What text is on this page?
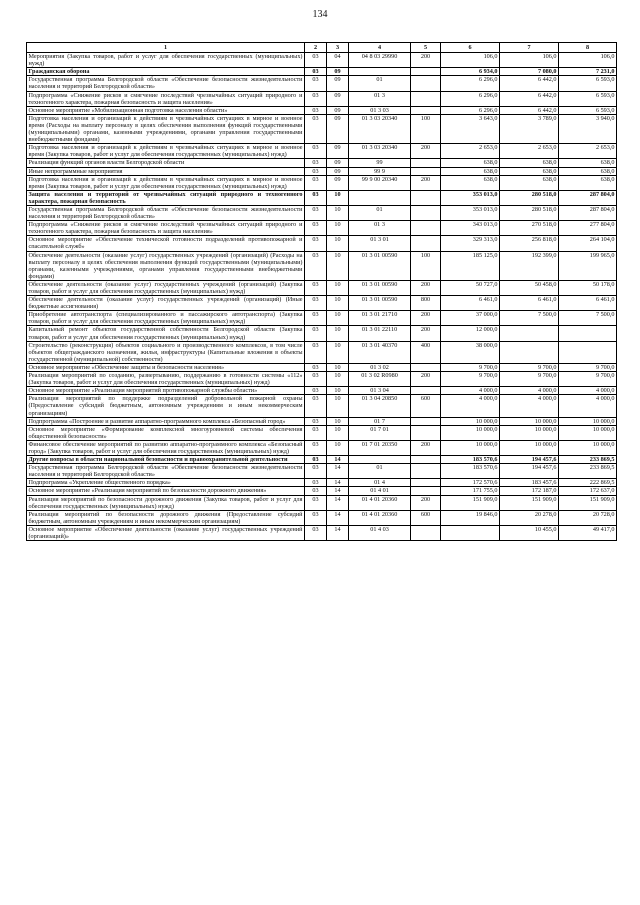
134
1	2	3	4	5	6	7	8
Мероприятия (Закупка товаров, работ и услуг для обеспечения государственных (муниципальных) нужд)	03	04	04 8 03 29990	200	106,0	106,0	106,0
Гражданская оборона	03	09			6 934,0	7 080,0	7 231,0
Государственная программа Белгородской области «Обеспечение безопасности жизнедеятельности населения и территорий Белгородской области»	03	09	01		6 296,0	6 442,0	6 593,0
Подпрограмма «Снижение рисков и смягчение последствий чрезвычайных ситуаций природного и техногенного характера, пожарная безопасность и защита населения»	03	09	01 3		6 296,0	6 442,0	6 593,0
Основное мероприятие «Мобилизационная подготовка населения области»	03	09	01 3 03		6 296,0	6 442,0	6 593,0
Подготовка населения и организаций к действиям в чрезвычайных ситуациях в мирное и военное время (Расходы на выплату персоналу в целях обеспечения выполнения функций государственными (муниципальными) органами, казенными учреждениями, органами управления государственными внебюджетными фондами)	03	09	01 3 03 20340	100	3 643,0	3 789,0	3 940,0
Подготовка населения и организаций к действиям в чрезвычайных ситуациях в мирное и военное время (Закупка товаров, работ и услуг для обеспечения государственных (муниципальных) нужд)	03	09	01 3 03 20340	200	2 653,0	2 653,0	2 653,0
Реализация функций органов власти Белгородской области	03	09	99		638,0	638,0	638,0
Иные непрограммные мероприятия	03	09	99 9		638,0	638,0	638,0
Подготовка населения и организаций к действиям в чрезвычайных ситуациях в мирное и военное время (Закупка товаров, работ и услуг для обеспечения государственных (муниципальных) нужд)	03	09	99 9 00 20340	200	638,0	638,0	638,0
Защита населения и территорий от чрезвычайных ситуаций природного и техногенного характера, пожарная безопасность	03	10			353 013,0	280 518,0	287 804,0
Государственная программа Белгородской области «Обеспечение безопасности жизнедеятельности населения и территорий Белгородской области»	03	10	01		353 013,0	280 518,0	287 804,0
Подпрограмма «Снижение рисков и смягчение последствий чрезвычайных ситуаций природного и техногенного характера, пожарная безопасность и защита населения»	03	10	01 3		343 013,0	270 518,0	277 804,0
Основное мероприятие «Обеспечение технической готовности подразделений противопожарной и спасательной служб»	03	10	01 3 01		329 313,0	256 818,0	264 104,0
Обеспечение деятельности (оказание услуг) государственных учреждений (организаций) (Расходы на выплату персоналу в целях обеспечения выполнения функций государственными (муниципальными) органами, казенными учреждениями, органами управления государственными внебюджетными фондами)	03	10	01 3 01 00590	100	185 125,0	192 399,0	199 965,0
Обеспечение деятельности (оказание услуг) государственных учреждений (организаций) (Закупка товаров, работ и услуг для обеспечения государственных (муниципальных) нужд)	03	10	01 3 01 00590	200	50 727,0	50 458,0	50 178,0
Обеспечение деятельности (оказание услуг) государственных учреждений (организаций) (Иные бюджетные ассигнования)	03	10	01 3 01 00590	800	6 461,0	6 461,0	6 461,0
Приобретение автотранспорта (специализированного и пассажирского автотранспорта) (Закупка товаров, работ и услуг для обеспечения государственных (муниципальных) нужд)	03	10	01 3 01 21710	200	37 000,0	7 500,0	7 500,0
Капитальный ремонт объектов государственной собственности Белгородской области (Закупка товаров, работ и услуг для обеспечения государственных (муниципальных) нужд)	03	10	01 3 01 22110	200	12 000,0		
Строительство (реконструкция) объектов социального и производственного комплексов, в том числе объектов общегражданского назначения, жилья, инфраструктуры (Капитальные вложения в объекты государственной (муниципальной) собственности)	03	10	01 3 01 40370	400	38 000,0		
Основное мероприятие «Обеспечение защиты и безопасности населения»	03	10	01 3 02		9 700,0	9 700,0	9 700,0
Реализация мероприятий по созданию, развертыванию, поддержанию в готовности системы «112» (Закупка товаров, работ и услуг для обеспечения государственных (муниципальных) нужд)	03	10	01 3 02 R0980	200	9 700,0	9 700,0	9 700,0
Основное мероприятие «Реализация мероприятий противопожарной службы области»	03	10	01 3 04		4 000,0	4 000,0	4 000,0
Реализация мероприятий по поддержке подразделений добровольной пожарной охраны (Предоставление субсидий бюджетным, автономным учреждениям и иным некоммерческим организациям)	03	10	01 3 04 20850	600	4 000,0	4 000,0	4 000,0
Подпрограмма «Построение и развитие аппаратно-программного комплекса «Безопасный город»	03	10	01 7		10 000,0	10 000,0	10 000,0
Основное мероприятие «Формирование комплексной многоуровневой системы обеспечения общественной безопасности»	03	10	01 7 01		10 000,0	10 000,0	10 000,0
Финансовое обеспечение мероприятий по развитию аппаратно-программного комплекса «Безопасный город» (Закупка товаров, работ и услуг для обеспечения государственных (муниципальных) нужд)	03	10	01 7 01 20350	200	10 000,0	10 000,0	10 000,0
Другие вопросы в области национальной безопасности и правоохранительной деятельности	03	14			183 570,6	194 457,6	233 869,5
Государственная программа Белгородской области «Обеспечение безопасности жизнедеятельности населения и территорий Белгородской области»	03	14	01		183 570,6	194 457,6	233 869,5
Подпрограмма «Укрепление общественного порядка»	03	14	01 4		172 570,6	183 457,6	222 869,5
Основное мероприятие «Реализация мероприятий по безопасности дорожного движения»	03	14	01 4 01		171 755,0	172 187,0	172 637,0
Реализация мероприятий по безопасности дорожного движения (Закупка товаров, работ и услуг для обеспечения государственных (муниципальных) нужд)	03	14	01 4 01 20360	200	151 909,0	151 909,0	151 909,0
Реализация мероприятий по безопасности дорожного движения (Предоставление субсидий бюджетным, автономным учреждениям и иным некоммерческим организациям)	03	14	01 4 01 20360	600	19 846,0	20 278,0	20 728,0
Основное мероприятие «Обеспечение деятельности (оказание услуг) государственных учреждений (организаций)»	03	14	01 4 03			10 455,0	49 417,0
